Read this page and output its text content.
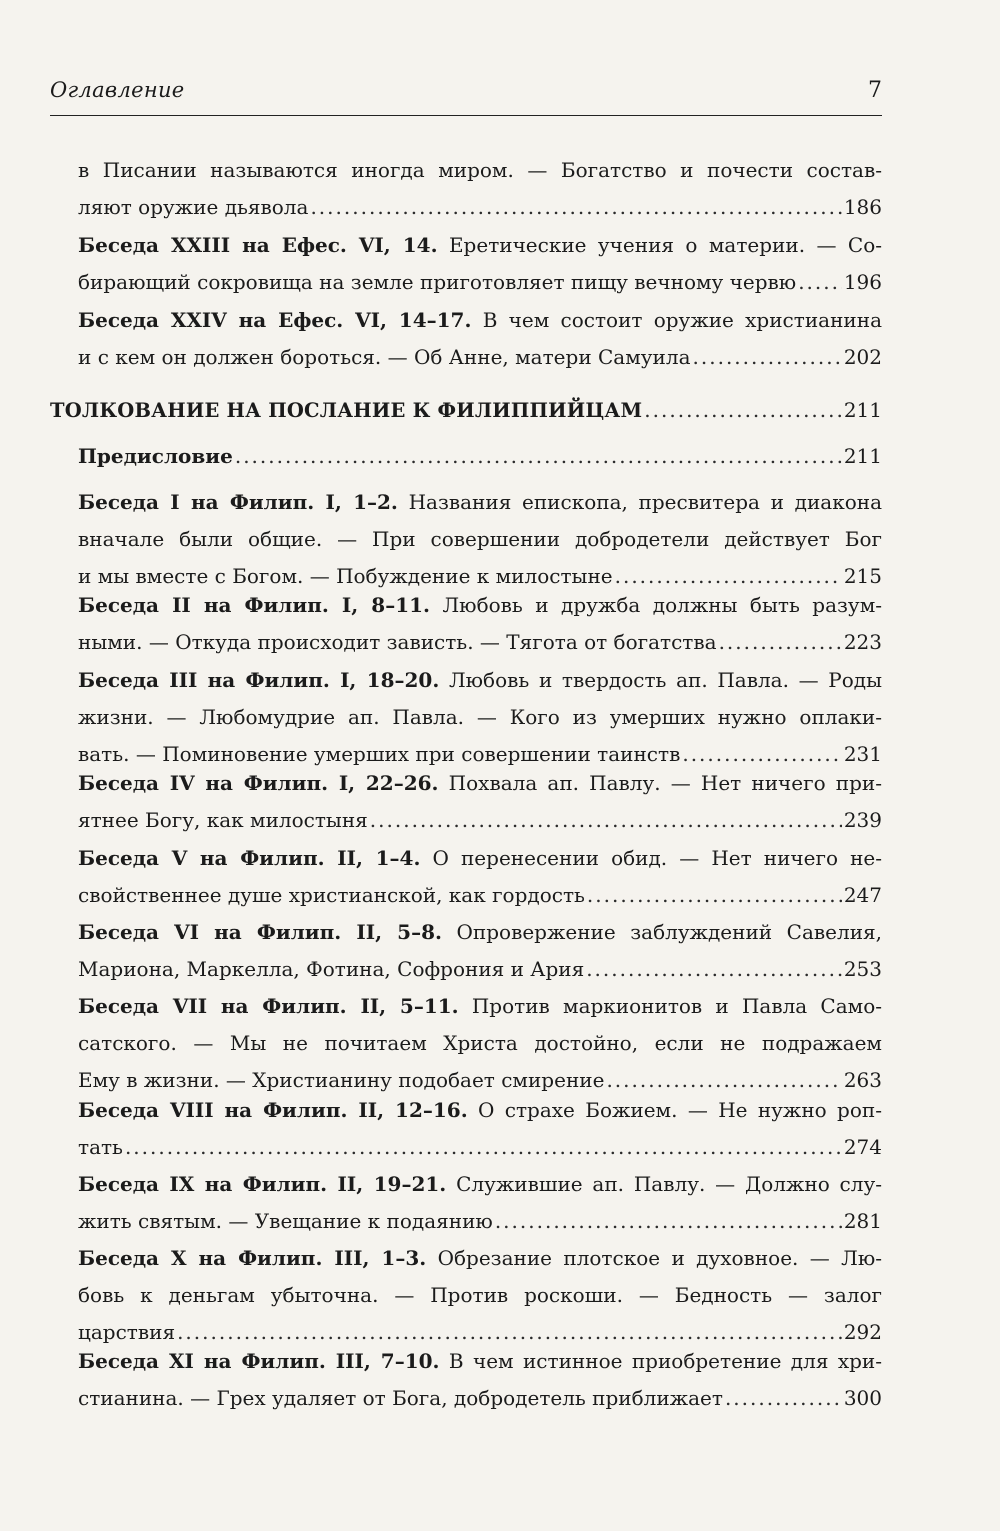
Оглавление	7
в Писании называются иногда миром. — Богатство и почести состав-
ляют оружие дьявола .....	186
Беседа XXIII на Ефес. VI, 14. Еретические учения о материи. — Со-
бирающий сокровища на земле приготовляет пищу вечному червю ..... 196
Беседа XXIV на Ефес. VI, 14–17. В чем состоит оружие христианина
и с кем он должен бороться. — Об Анне, матери Самуила .....	202
ТОЛКОВАНИЕ НА ПОСЛАНИЕ К ФИЛИППИЙЦАМ .....	211
Предисловие .....	211
Беседа I на Филип. I, 1–2. Названия епископа, пресвитера и диакона
вначале были общие. — При совершении добродетели действует Бог
и мы вместе с Богом. — Побуждение к милостыне .....	215
Беседа II на Филип. I, 8–11. Любовь и дружба должны быть разум-
ными. — Откуда происходит зависть. — Тягота от богатства .....	223
Беседа III на Филип. I, 18–20. Любовь и твердость ап. Павла. — Роды
жизни. — Любомудрие ап. Павла. — Кого из умерших нужно оплаки-
вать. — Поминовение умерших при совершении таинств .....	231
Беседа IV на Филип. I, 22–26. Похвала ап. Павлу. — Нет ничего при-
ятнее Богу, как милостыня .....	239
Беседа V на Филип. II, 1–4. О перенесении обид. — Нет ничего не-
свойственнее душе христианской, как гордость .....	247
Беседа VI на Филип. II, 5–8. Опровержение заблуждений Савелия,
Мариона, Маркелла, Фотина, Софрония и Ария .....	253
Беседа VII на Филип. II, 5–11. Против маркионитов и Павла Само-
сатского. — Мы не почитаем Христа достойно, если не подражаем
Ему в жизни. — Христианину подобает смирение .....	263
Беседа VIII на Филип. II, 12–16. О страхе Божием. — Не нужно роп-
тать .....	274
Беседа IX на Филип. II, 19–21. Служившие ап. Павлу. — Должно слу-
жить святым. — Увещание к подаянию .....	281
Беседа X на Филип. III, 1–3. Обрезание плотское и духовное. — Лю-
бовь к деньгам убыточна. — Против роскоши. — Бедность — залог
царствия .....	292
Беседа XI на Филип. III, 7–10. В чем истинное приобретение для хри-
стианина. — Грех удаляет от Бога, добродетель приближает .....	300
